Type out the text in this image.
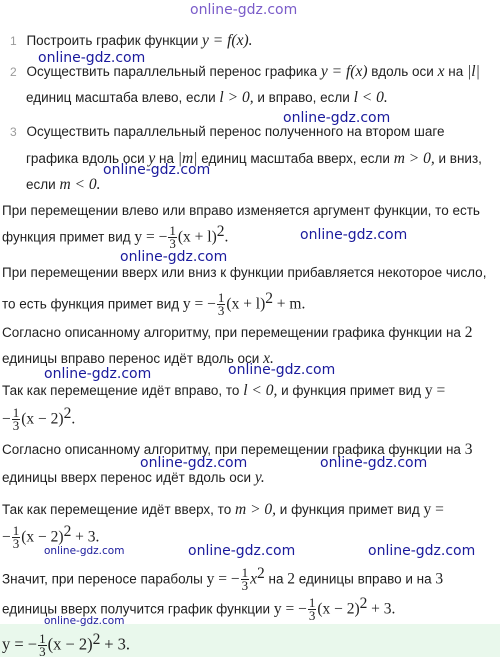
online-gdz.com
1 Построить график функции y = f(x).
online-gdz.com
2 Осуществить параллельный перенос графика y = f(x) вдоль оси x на |l|
единиц масштаба влево, если l > 0, и вправо, если l < 0.
online-gdz.com
3 Осуществить параллельный перенос полученного на втором шаге
графика вдоль оси y на |m| единиц масштаба вверх, если m > 0, и вниз,
online-gdz.com
если m < 0.
При перемещении влево или вправо изменяется аргумент функции, то есть
функция примет вид y = − $\frac{1}{3} (x + l)^2$.	online-gdz.com
online-gdz.com
При перемещении вверх или вниз к функции прибавляется некоторое число,
то есть функция примет вид y = − $\frac{1}{3} (x + l)^2 + m$.
Согласно описанному алгоритму, при перемещении графика функции на 2
единицы вправо перенос идёт вдоль оси x.
online-gdz.com	online-gdz.com
Так как перемещение идёт вправо, то l < 0, и функция примет вид y =
− $\frac{1}{3} (x - 2)^2$.
Согласно описанному алгоритму, при перемещении графика функции на 3
online-gdz.com	online-gdz.com
единицы вверх перенос идёт вдоль оси y.
Так как перемещение идёт вверх, то m > 0, и функция примет вид y =
− $\frac{1}{3} (x - 2)^2 + 3$.
online-gdz.com	online-gdz.com	online-gdz.com
Значит, при переносе параболы y = − $\frac{1}{3} x^2$ на 2 единицы вправо и на 3
единицы вверх получится график функции y = − $\frac{1}{3} (x - 2)^2 + 3$.
online-gdz.com
y = − $\frac{1}{3} (x - 2)^2 + 3$.
